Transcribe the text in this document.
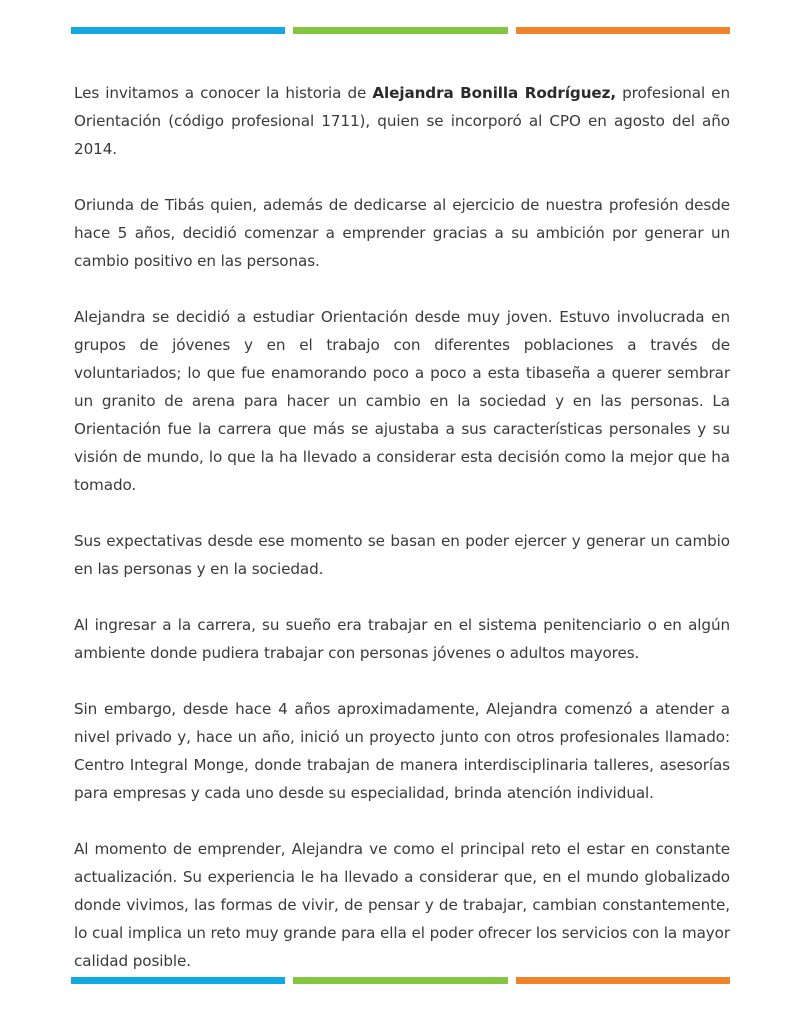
Les invitamos a conocer la historia de Alejandra Bonilla Rodríguez, profesional en Orientación (código profesional 1711), quien se incorporó al CPO en agosto del año 2014.

Oriunda de Tibás quien, además de dedicarse al ejercicio de nuestra profesión desde hace 5 años, decidió comenzar a emprender gracias a su ambición por generar un cambio positivo en las personas.

Alejandra se decidió a estudiar Orientación desde muy joven. Estuvo involucrada en grupos de jóvenes y en el trabajo con diferentes poblaciones a través de voluntariados; lo que fue enamorando poco a poco a esta tibaseña a querer sembrar un granito de arena para hacer un cambio en la sociedad y en las personas. La Orientación fue la carrera que más se ajustaba a sus características personales y su visión de mundo, lo que la ha llevado a considerar esta decisión como la mejor que ha tomado.

Sus expectativas desde ese momento se basan en poder ejercer y generar un cambio en las personas y en la sociedad.

Al ingresar a la carrera, su sueño era trabajar en el sistema penitenciario o en algún ambiente donde pudiera trabajar con personas jóvenes o adultos mayores.

Sin embargo, desde hace 4 años aproximadamente, Alejandra comenzó a atender a nivel privado y, hace un año, inició un proyecto junto con otros profesionales llamado: Centro Integral Monge, donde trabajan de manera interdisciplinaria talleres, asesorías para empresas y cada uno desde su especialidad, brinda atención individual.

Al momento de emprender, Alejandra ve como el principal reto el estar en constante actualización. Su experiencia le ha llevado a considerar que, en el mundo globalizado donde vivimos, las formas de vivir, de pensar y de trabajar, cambian constantemente, lo cual implica un reto muy grande para ella el poder ofrecer los servicios con la mayor calidad posible.
